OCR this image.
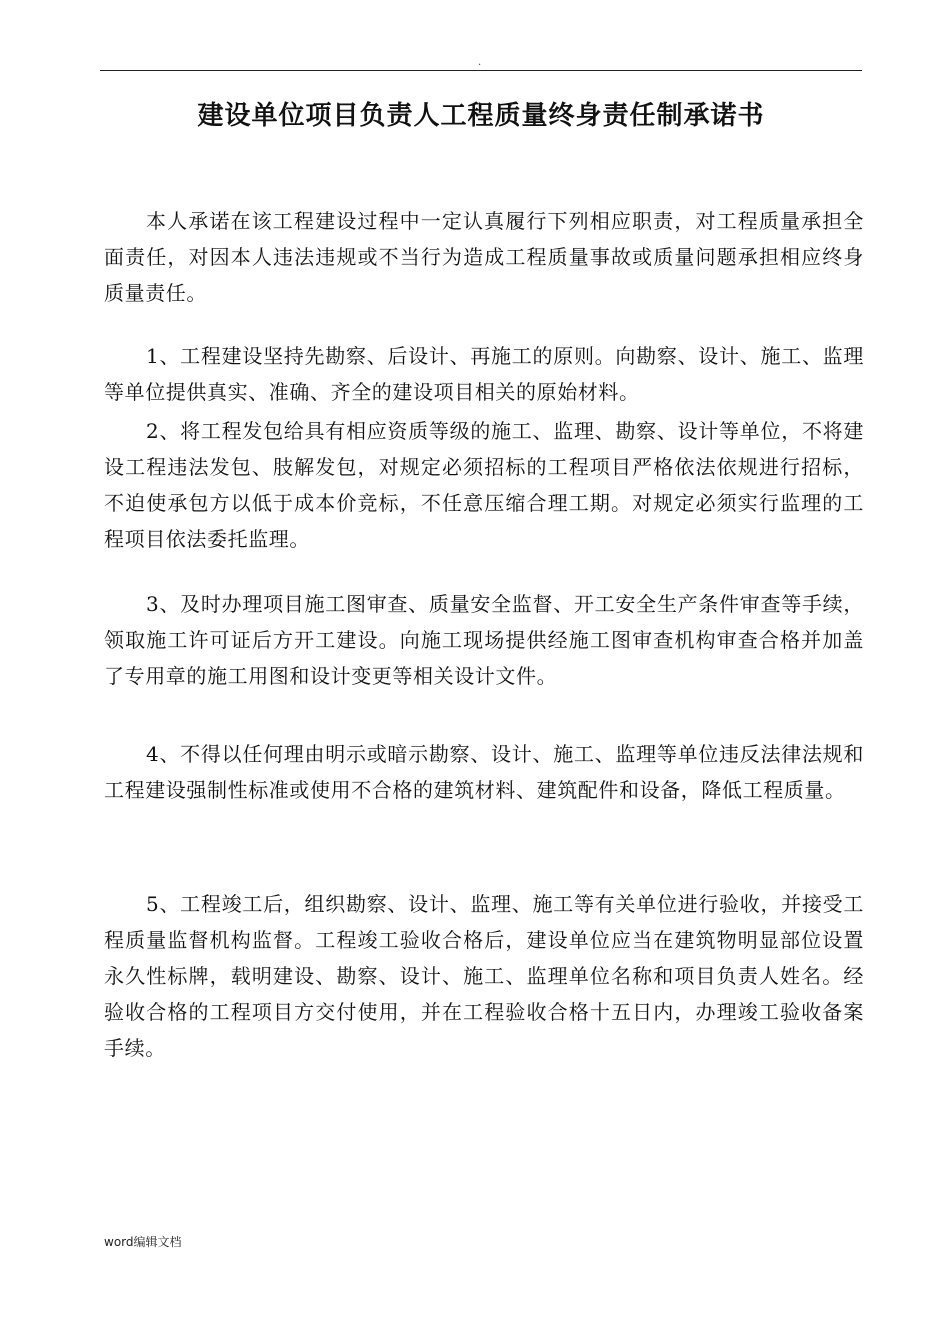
.
建设单位项目负责人工程质量终身责任制承诺书

本人承诺在该工程建设过程中一定认真履行下列相应职责，对工程质量承担全面责任，对因本人违法违规或不当行为造成工程质量事故或质量问题承担相应终身质量责任。

1、工程建设坚持先勘察、后设计、再施工的原则。向勘察、设计、施工、监理等单位提供真实、准确、齐全的建设项目相关的原始材料。

2、将工程发包给具有相应资质等级的施工、监理、勘察、设计等单位，不将建设工程违法发包、肢解发包，对规定必须招标的工程项目严格依法依规进行招标，不迫使承包方以低于成本价竞标，不任意压缩合理工期。对规定必须实行监理的工程项目依法委托监理。

3、及时办理项目施工图审查、质量安全监督、开工安全生产条件审查等手续，领取施工许可证后方开工建设。向施工现场提供经施工图审查机构审查合格并加盖了专用章的施工用图和设计变更等相关设计文件。

4、不得以任何理由明示或暗示勘察、设计、施工、监理等单位违反法律法规和工程建设强制性标准或使用不合格的建筑材料、建筑配件和设备，降低工程质量。

5、工程竣工后，组织勘察、设计、监理、施工等有关单位进行验收，并接受工程质量监督机构监督。工程竣工验收合格后，建设单位应当在建筑物明显部位设置永久性标牌，载明建设、勘察、设计、施工、监理单位名称和项目负责人姓名。经验收合格的工程项目方交付使用，并在工程验收合格十五日内，办理竣工验收备案手续。

word编辑文档
